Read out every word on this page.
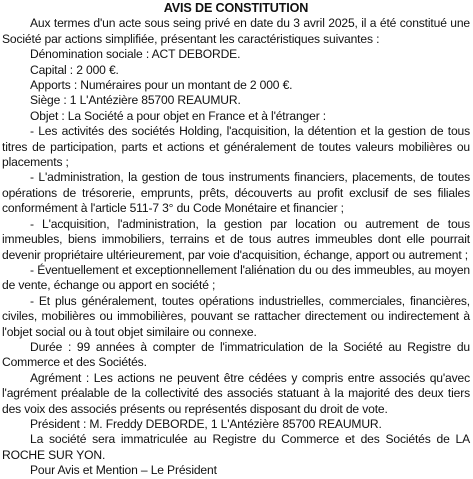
AVIS DE CONSTITUTION
Aux termes d'un acte sous seing privé en date du 3 avril 2025, il a été constitué une Société par actions simplifiée, présentant les caractéristiques suivantes :
Dénomination sociale : ACT DEBORDE.
Capital : 2 000 €.
Apports : Numéraires pour un montant de 2 000 €.
Siège : 1 L'Antézière 85700 REAUMUR.
Objet : La Société a pour objet en France et à l'étranger :
- Les activités des sociétés Holding, l'acquisition, la détention et la gestion de tous titres de participation, parts et actions et généralement de toutes valeurs mobilières ou placements ;
- L'administration, la gestion de tous instruments financiers, placements, de toutes opérations de trésorerie, emprunts, prêts, découverts au profit exclusif de ses filiales conformément à l'article 511-7 3° du Code Monétaire et financier ;
- L'acquisition, l'administration, la gestion par location ou autrement de tous immeubles, biens immobiliers, terrains et de tous autres immeubles dont elle pourrait devenir propriétaire ultérieurement, par voie d'acquisition, échange, apport ou autrement ;
- Éventuellement et exceptionnellement l'aliénation du ou des immeubles, au moyen de vente, échange ou apport en société ;
- Et plus généralement, toutes opérations industrielles, commerciales, financières, civiles, mobilières ou immobilières, pouvant se rattacher directement ou indirectement à l'objet social ou à tout objet similaire ou connexe.
Durée : 99 années à compter de l'immatriculation de la Société au Registre du Commerce et des Sociétés.
Agrément : Les actions ne peuvent être cédées y compris entre associés qu'avec l'agrément préalable de la collectivité des associés statuant à la majorité des deux tiers des voix des associés présents ou représentés disposant du droit de vote.
Président : M. Freddy DEBORDE, 1 L'Antézière 85700 REAUMUR.
La société sera immatriculée au Registre du Commerce et des Sociétés de LA ROCHE SUR YON.
Pour Avis et Mention – Le Président
